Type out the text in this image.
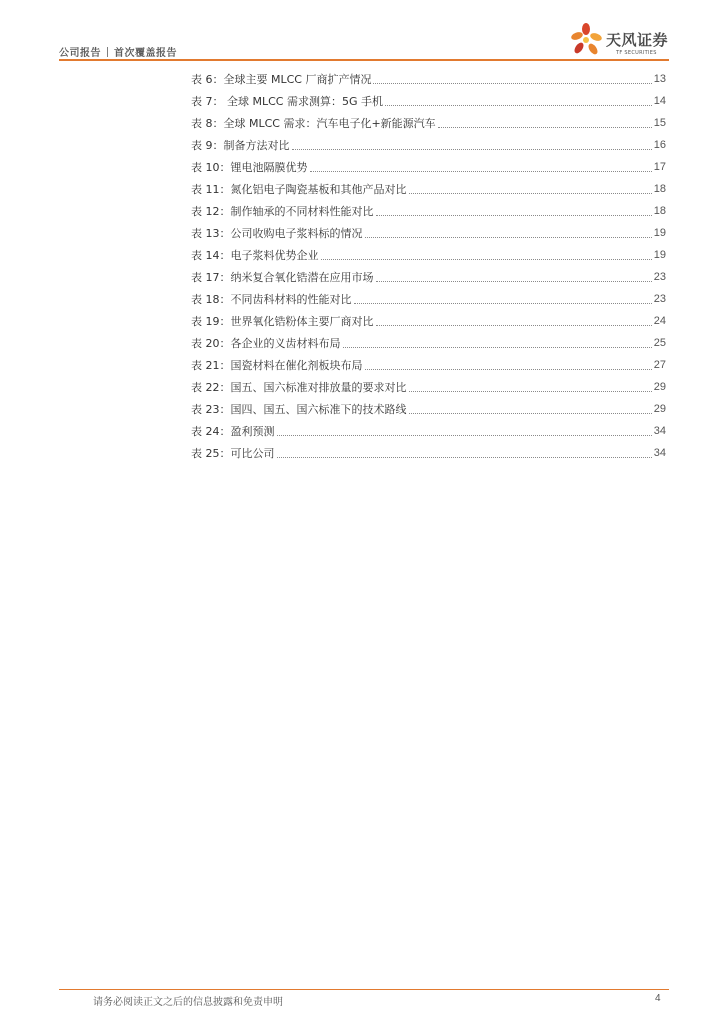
公司报告 首次覆盖报告
天风证券
TF SECURITIES
表 6：全球主要 MLCC 厂商扩产情况	13
表 7： 全球 MLCC 需求测算：5G 手机	14
表 8：全球 MLCC 需求：汽车电子化+新能源汽车	15
表 9：制备方法对比	16
表 10：锂电池隔膜优势	17
表 11：氮化铝电子陶瓷基板和其他产品对比	18
表 12：制作轴承的不同材料性能对比	18
表 13：公司收购电子浆料标的情况	19
表 14：电子浆料优势企业	19
表 17：纳米复合氧化锆潜在应用市场	23
表 18：不同齿科材料的性能对比	23
表 19：世界氧化锆粉体主要厂商对比	24
表 20：各企业的义齿材料布局	25
表 21：国瓷材料在催化剂板块布局	27
表 22：国五、国六标准对排放量的要求对比	29
表 23：国四、国五、国六标准下的技术路线	29
表 24：盈利预测	34
表 25：可比公司	34
请务必阅读正文之后的信息披露和免责申明	4
